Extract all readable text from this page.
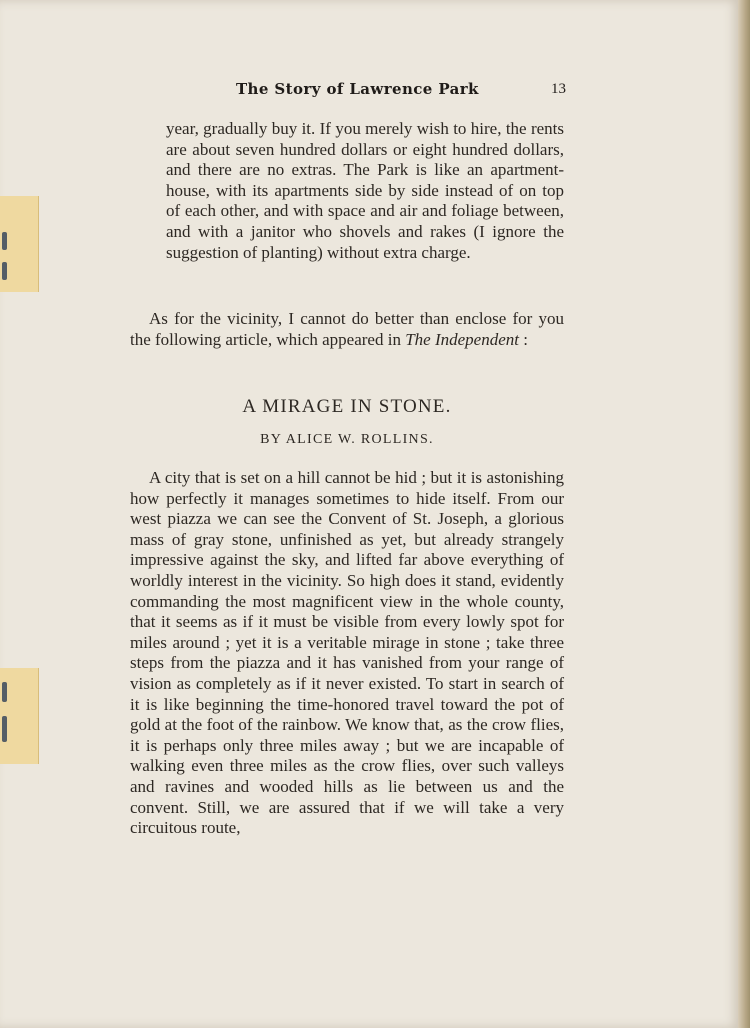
The Story of Lawrence Park	13

year, gradually buy it. If you merely wish to hire, the rents are about seven hundred dollars or eight hundred dollars, and there are no extras. The Park is like an apartment-house, with its apartments side by side instead of on top of each other, and with space and air and foliage between, and with a janitor who shovels and rakes (I ignore the suggestion of planting) without extra charge.

As for the vicinity, I cannot do better than enclose for you the following article, which appeared in The Independent :

A MIRAGE IN STONE.
BY ALICE W. ROLLINS.

A city that is set on a hill cannot be hid ; but it is astonishing how perfectly it manages sometimes to hide itself. From our west piazza we can see the Convent of St. Joseph, a glorious mass of gray stone, unfinished as yet, but already strangely impressive against the sky, and lifted far above everything of worldly interest in the vicinity. So high does it stand, evidently commanding the most magnificent view in the whole county, that it seems as if it must be visible from every lowly spot for miles around ; yet it is a veritable mirage in stone ; take three steps from the piazza and it has vanished from your range of vision as completely as if it never existed. To start in search of it is like beginning the time-honored travel toward the pot of gold at the foot of the rainbow. We know that, as the crow flies, it is perhaps only three miles away ; but we are incapable of walking even three miles as the crow flies, over such valleys and ravines and wooded hills as lie between us and the convent. Still, we are assured that if we will take a very circuitous route,
